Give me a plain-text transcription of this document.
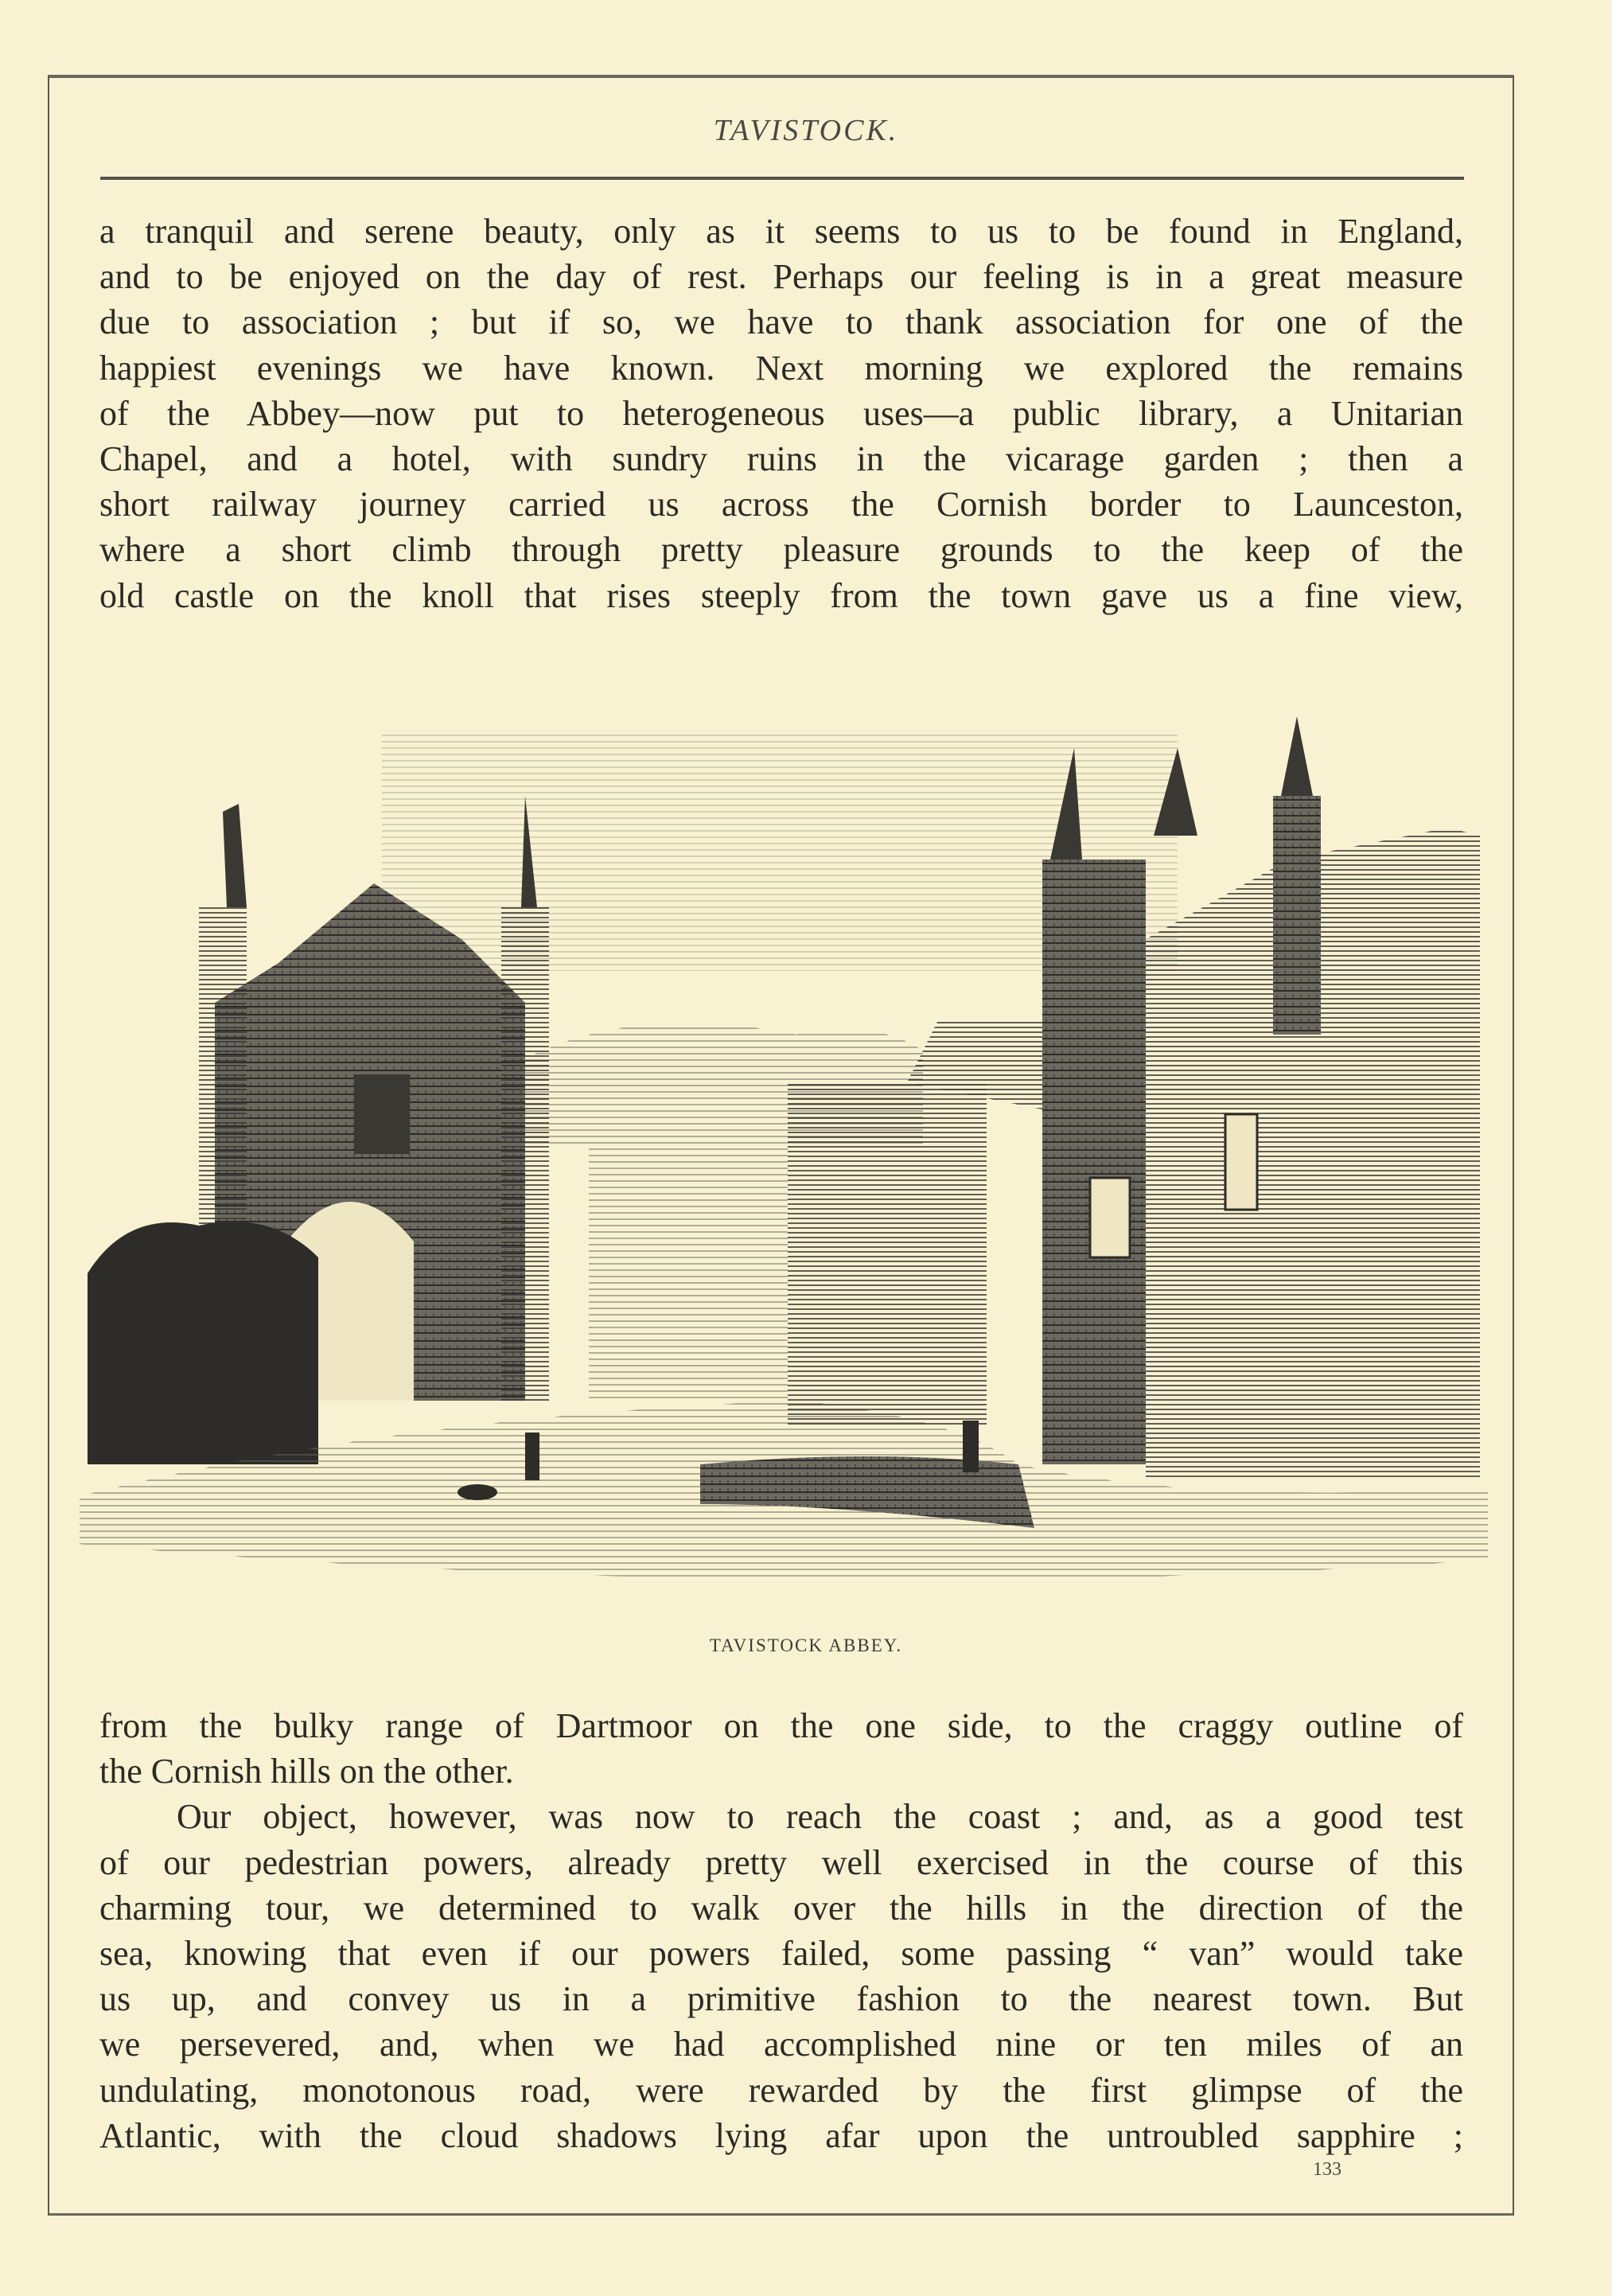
TAVISTOCK.
a tranquil and serene beauty, only as it seems to us to be found in England,
and to be enjoyed on the day of rest. Perhaps our feeling is in a great measure
due to association ; but if so, we have to thank association for one of the
happiest evenings we have known. Next morning we explored the remains
of the Abbey—now put to heterogeneous uses—a public library, a Unitarian
Chapel, and a hotel, with sundry ruins in the vicarage garden ; then a
short railway journey carried us across the Cornish border to Launceston,
where a short climb through pretty pleasure grounds to the keep of the
old castle on the knoll that rises steeply from the town gave us a fine view,
TAVISTOCK ABBEY.
from the bulky range of Dartmoor on the one side, to the craggy outline of
the Cornish hills on the other.
Our object, however, was now to reach the coast ; and, as a good test
of our pedestrian powers, already pretty well exercised in the course of this
charming tour, we determined to walk over the hills in the direction of the
sea, knowing that even if our powers failed, some passing “ van” would take
us up, and convey us in a primitive fashion to the nearest town. But
we persevered, and, when we had accomplished nine or ten miles of an
undulating, monotonous road, were rewarded by the first glimpse of the
Atlantic, with the cloud shadows lying afar upon the untroubled sapphire ;
133
